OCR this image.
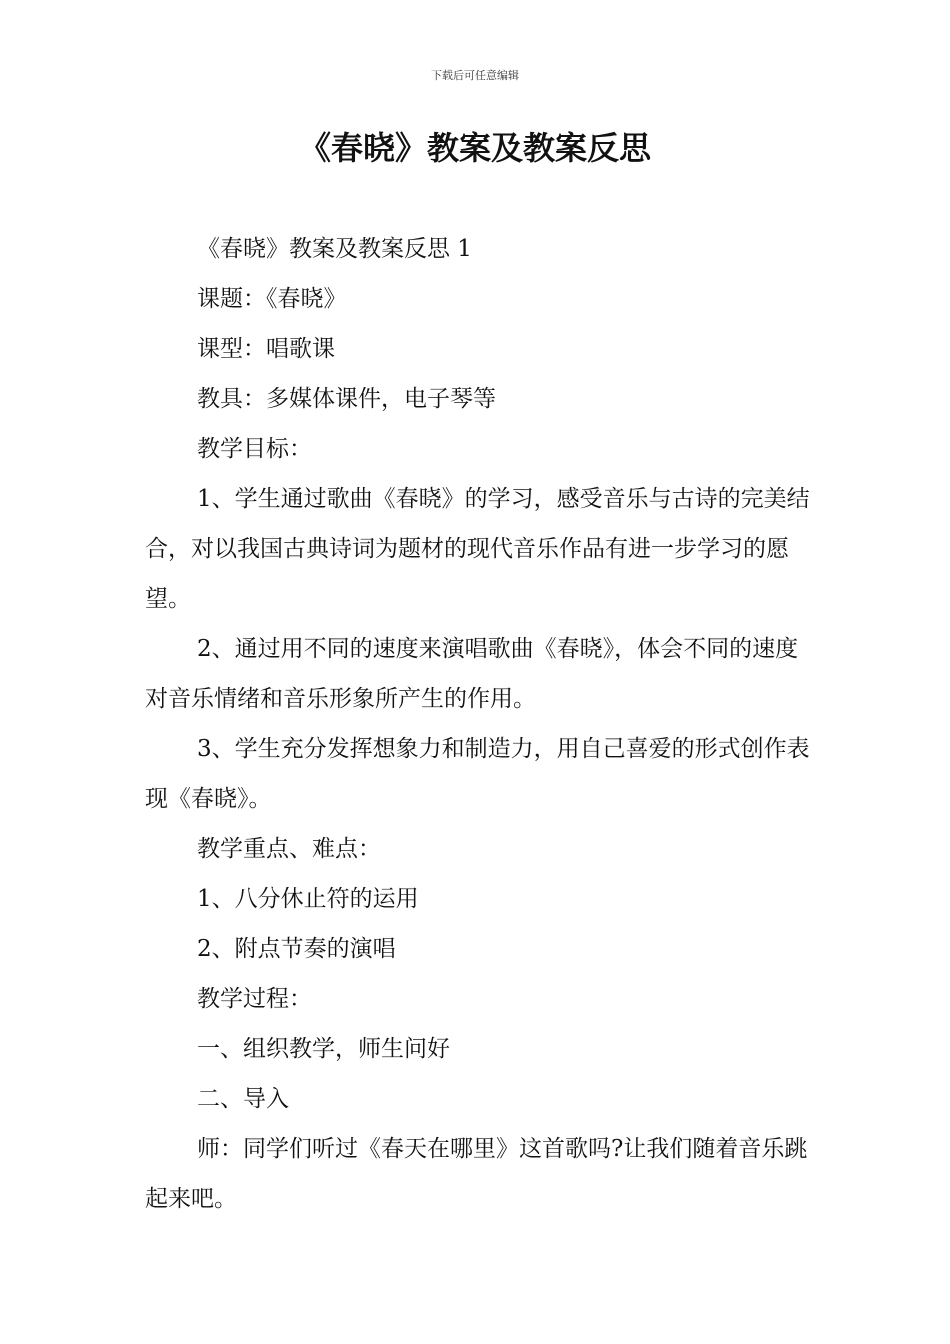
下载后可任意编辑
《春晓》教案及教案反思

《春晓》教案及教案反思 1

课题：《春晓》

课型：唱歌课

教具：多媒体课件，电子琴等

教学目标：

1、学生通过歌曲《春晓》的学习，感受音乐与古诗的完美结合，对以我国古典诗词为题材的现代音乐作品有进一步学习的愿望。

2、通过用不同的速度来演唱歌曲《春晓》，体会不同的速度对音乐情绪和音乐形象所产生的作用。

3、学生充分发挥想象力和制造力，用自己喜爱的形式创作表现《春晓》。

教学重点、难点：

1、八分休止符的运用

2、附点节奏的演唱

教学过程：

一、组织教学，师生问好

二、导入

师：同学们听过《春天在哪里》这首歌吗?让我们随着音乐跳起来吧。
